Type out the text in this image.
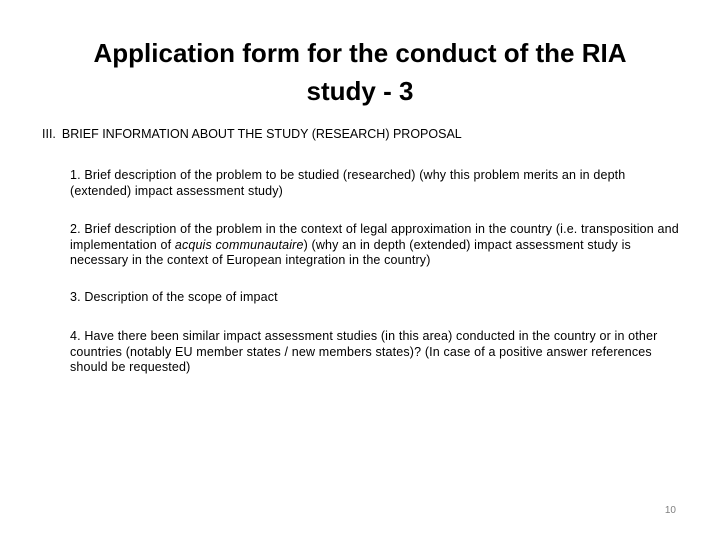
Application form for the conduct of the RIA study - 3

III. BRIEF INFORMATION ABOUT THE STUDY (RESEARCH) PROPOSAL

1. Brief description of the problem to be studied (researched) (why this problem merits an in depth (extended) impact assessment study)

2. Brief description of the problem in the context of legal approximation in the country (i.e. transposition and implementation of acquis communautaire) (why an in depth (extended) impact assessment study is necessary in the context of European integration in the country)

3. Description of the scope of impact

4. Have there been similar impact assessment studies (in this area) conducted in the country or in other countries (notably EU member states / new members states)? (In case of a positive answer references should be requested)

10
